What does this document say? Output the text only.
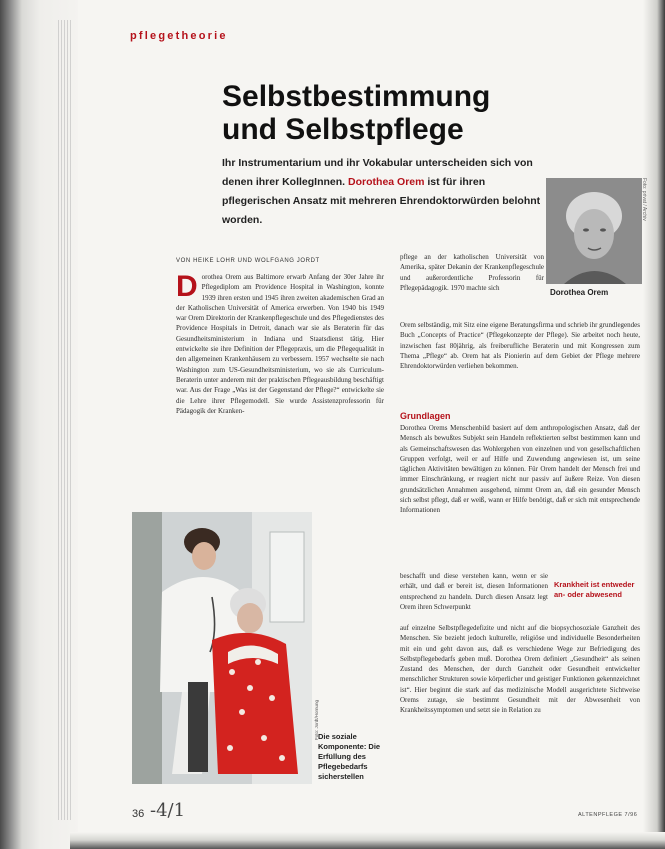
pflegetheorie
Selbstbestimmung und Selbstpflege
Ihr Instrumentarium und ihr Vokabular unterscheiden sich von denen ihrer KollegInnen. Dorothea Orem ist für ihren pflegerischen Ansatz mit mehreren Ehrendoktorwürden belohnt worden.	Foto: privat / Archiv
Dorothea Orem
VON HEIKE LOHR UND WOLFGANG JORDT
Dorothea Orem aus Baltimore erwarb Anfang der 30er Jahre ihr Pflegediplom am Providence Hospital in Washington, konnte 1939 ihren ersten und 1945 ihren zweiten akademischen Grad an der Katholischen Universität of America erwerben. Von 1940 bis 1949 war Orem Direktorin der Krankenpflegeschule und des Pflegedienstes des Providence Hospitals in Detroit, danach war sie als Beraterin für das Gesundheitsministerium in Indiana und Staatsdienst tätig. Hier entwickelte sie ihre Definition der Pflegepraxis, um die Pflegequalität in den allgemeinen Krankenhäusern zu verbessern. 1957 wechselte sie nach Washington zum US-Gesundheitsministerium, wo sie als Curriculum-Beraterin unter anderem mit der praktischen Pflegeausbildung beschäftigt war. Aus der Frage „Was ist der Gegenstand der Pflege?“ entwickelte sie die Lehre ihrer Pflegemodell. Sie wurde Assistenzprofessorin für Pädagogik der Kranken-

pflege an der katholischen Universität von Amerika, später Dekanin der Krankenpflegeschule und außerordentliche Professorin für Pflegepädagogik. 1970 machte sich

Orem selbständig, mit Sitz eine eigene Beratungsfirma und schrieb ihr grundlegendes Buch „Concepts of Practice“ (Pflegekonzepte der Pflege). Sie arbeitet noch heute, inzwischen fast 80jährig, als freiberufliche Beraterin und mit Kongressen zum Thema „Pflege“ ab. Orem hat als Pionierin auf dem Gebiet der Pflege mehrere Ehrendoktorwürden verliehen bekommen.

Grundlagen

Dorothea Orems Menschenbild basiert auf dem anthropologischen Ansatz, daß der Mensch als bewußtes Subjekt sein Handeln reflektierten selbst bestimmen kann und als Gemeinschaftswesen das Wohlergehen von einzelnen und von gesellschaftlichen Gruppen verfolgt, weil er auf Hilfe und Zuwendung angewiesen ist, um seine täglichen Aktivitäten bewältigen zu können. Für Orem handelt der Mensch frei und immer Einschränkung, er reagiert nicht nur passiv auf äußere Reize. Von diesen grundsätzlichen Annahmen ausgehend, nimmt Orem an, daß ein gesunder Mensch sich selbst pflegt, daß er weiß, wann er Hilfe benötigt, daß er sich mit entsprechende Informationen

beschafft und diese verstehen kann, wenn er sie erhält, und daß er bereit ist, diesen Informationen entsprechend zu handeln. Durch diesen Ansatz legt Orem ihren Schwerpunkt

Krankheit ist entweder an- oder abwesend

auf einzelne Selbstpflegedefizite und nicht auf die biopsychosoziale Ganzheit des Menschen. Sie bezieht jedoch kulturelle, religiöse und individuelle Besonderheiten mit ein und geht davon aus, daß es verschiedene Wege zur Befriedigung des Selbstpflegebedarfs geben muß. Dorothea Orem definiert „Gesundheit“ als seinen Zustand des Menschen, der durch Ganzheit oder Gesundheit entwickelter menschlicher Strukturen sowie körperlicher und geistiger Funktionen gekennzeichnet ist“. Hier beginnt die stark auf das medizinische Modell ausgerichtete Sichtweise Orems zutage, sie bestimmt Gesundheit mit der Abwesenheit von Krankheitssymptomen und setzt sie in Relation zu

Foto: Jordt/Hornung Die soziale Komponente: Die Erfüllung des Pflegebedarfs sicherstellen
36 -4/1	ALTENPFLEGE 7/96
